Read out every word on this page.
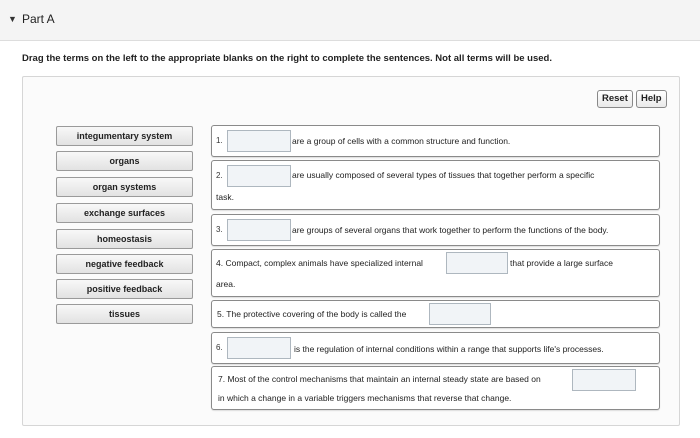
▼ Part A
Drag the terms on the left to the appropriate blanks on the right to complete the sentences. Not all terms will be used.
Reset	Help
integumentary system
organs
organ systems
exchange surfaces
homeostasis
negative feedback
positive feedback
tissues
1.	are a group of cells with a common structure and function.
2.	are usually composed of several types of tissues that together perform a specific
task.
3.	are groups of several organs that work together to perform the functions of the body.
4. Compact, complex animals have specialized internal	that provide a large surface
area.
5. The protective covering of the body is called the
6.	is the regulation of internal conditions within a range that supports life's processes.
7. Most of the control mechanisms that maintain an internal steady state are based on
in which a change in a variable triggers mechanisms that reverse that change.
